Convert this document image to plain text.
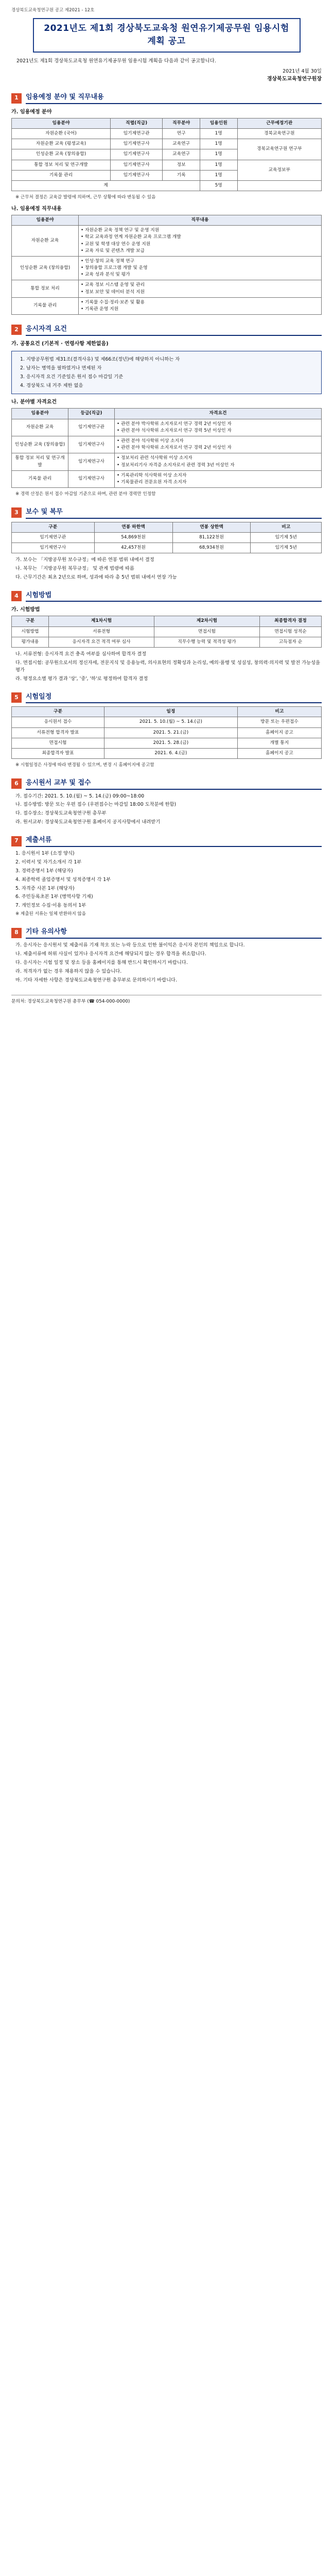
경상북도교육청연구원 공고 제2021 - 12호
2021년도 제1회 경상북도교육청 원연유기제공무원 임용시험 계획 공고

2021년도 제1회 경상북도교육청 원연유기제공무원 임용시험 계획을 다음과 같이 공고합니다.

2021년 4월 30일
경상북도교육청연구원장
1	임용예정 분야 및 직무내용
가. 임용예정 분야
임용분야	직렬(직급)	직무분야	임용인원	근무예정기관
자원순환 (국어)	임기제연구관	연구	1명	경북교육연구원
자원순환 교육 (평생교육)	임기제연구사	교육연구	1명	경북교육연구원 연구부
인성순환 교육 (창의융합)	임기제연구사	교육연구	1명	
통합 정보 처리 및 연구개발	임기제연구사	정보	1명	교육정보부
기록물 관리	임기제연구사	기록	1명	
계			5명	
※ 근무처 결정은 교육감 발령에 의하며, 근무 상황에 따라 변동될 수 있음
나. 임용예정 직무내용
임용분야	직무내용
자원순환 교육	• 자원순환 교육 정책 연구 및 운영 지원
• 학교 교육과정 연계 자원순환 교육 프로그램 개발
• 교원 및 학생 대상 연수 운영 지원
• 교육 자료 및 콘텐츠 개발 보급
인성순환 교육 (창의융합)	• 인성·창의 교육 정책 연구
• 창의융합 프로그램 개발 및 운영
• 교육 성과 분석 및 평가
통합 정보 처리	• 교육 정보 시스템 운영 및 관리
• 정보 보안 및 데이터 분석 지원
기록물 관리	• 기록물 수집·정리·보존 및 활용
• 기록관 운영 지원
2	응시자격 요건
가. 공통요건 (기본적 · 연령사항 제한없음)
1. 지방공무원법 제31조(결격사유) 및 제66조(정년)에 해당하지 아니하는 자
2. 남자는 병역을 필하였거나 면제된 자
3. 응시자격 요건 기준일은 원서 접수 마감일 기준
4. 경상북도 내 거주 제한 없음
나. 분야별 자격요건
임용분야	등급(직급)	자격요건
자원순환 교육	임기제연구관	• 관련 분야 박사학위 소지자로서 연구 경력 2년 이상인 자
• 관련 분야 석사학위 소지자로서 연구 경력 5년 이상인 자
인성순환 교육 (창의융합)	임기제연구사	• 관련 분야 석사학위 이상 소지자
• 관련 분야 학사학위 소지자로서 연구 경력 2년 이상인 자
통합 정보 처리 및 연구개발	임기제연구사	• 정보처리 관련 석사학위 이상 소지자
• 정보처리기사 자격증 소지자로서 관련 경력 3년 이상인 자
기록물 관리	임기제연구사	• 기록관리학 석사학위 이상 소지자
• 기록물관리 전문요원 자격 소지자
※ 경력 산정은 원서 접수 마감일 기준으로 하며, 관련 분야 경력만 인정함
3	보수 및 복무
구분	연봉 하한액	연봉 상한액	비고
임기제연구관	54,869천원	81,122천원	임기제 5년
임기제연구사	42,457천원	68,934천원	임기제 5년
가. 보수는 「지방공무원 보수규정」에 따른 연봉 범위 내에서 결정
나. 복무는 「지방공무원 복무규정」 및 관계 법령에 따름
다. 근무기간은 최초 2년으로 하며, 성과에 따라 총 5년 범위 내에서 연장 가능
4	시험방법
가. 시험방법
구분	제1차시험	제2차시험	최종합격자 결정
시험방법	서류전형	면접시험	면접시험 성적순
평가내용	응시자격 요건 적격 여부 심사	직무수행 능력 및 적격성 평가	고득점자 순
나. 서류전형: 응시자격 요건 충족 여부를 심사하여 합격자 결정
다. 면접시험: 공무원으로서의 정신자세, 전문지식 및 응용능력, 의사표현의 정확성과 논리성, 예의·품행 및 성실성, 창의력·의지력 및 발전 가능성을 평가
라. 평정요소별 평가 결과 '상', '중', '하'로 평정하여 합격자 결정
5	시험일정
구분	일정	비고
응시원서 접수	2021. 5. 10.(월) ~ 5. 14.(금)	방문 또는 우편접수
서류전형 합격자 발표	2021. 5. 21.(금)	홈페이지 공고
면접시험	2021. 5. 28.(금)	개별 통지
최종합격자 발표	2021. 6. 4.(금)	홈페이지 공고
※ 시험일정은 사정에 따라 변경될 수 있으며, 변경 시 홈페이지에 공고함
6	응시원서 교부 및 접수
가. 접수기간: 2021. 5. 10.(월) ~ 5. 14.(금) 09:00~18:00
나. 접수방법: 방문 또는 우편 접수 (우편접수는 마감일 18:00 도착분에 한함)
다. 접수장소: 경상북도교육청연구원 총무부
라. 원서교부: 경상북도교육청연구원 홈페이지 공지사항에서 내려받기
7	제출서류
1. 응시원서 1부 (소정 양식)
2. 이력서 및 자기소개서 각 1부
3. 경력증명서 1부 (해당자)
4. 최종학력 졸업증명서 및 성적증명서 각 1부
5. 자격증 사본 1부 (해당자)
6. 주민등록초본 1부 (병역사항 기재)
7. 개인정보 수집·이용 동의서 1부
※ 제출된 서류는 일체 반환하지 않음
8	기타 유의사항
가. 응시자는 응시원서 및 제출서류 기재 착오 또는 누락 등으로 인한 불이익은 응시자 본인의 책임으로 합니다.
나. 제출서류에 허위 사실이 있거나 응시자격 요건에 해당되지 않는 경우 합격을 취소합니다.
다. 응시자는 시험 일정 및 장소 등을 홈페이지를 통해 반드시 확인하시기 바랍니다.
라. 적격자가 없는 경우 채용하지 않을 수 있습니다.
마. 기타 자세한 사항은 경상북도교육청연구원 총무부로 문의하시기 바랍니다.
문의처: 경상북도교육청연구원 총무부 (☎ 054-000-0000)
